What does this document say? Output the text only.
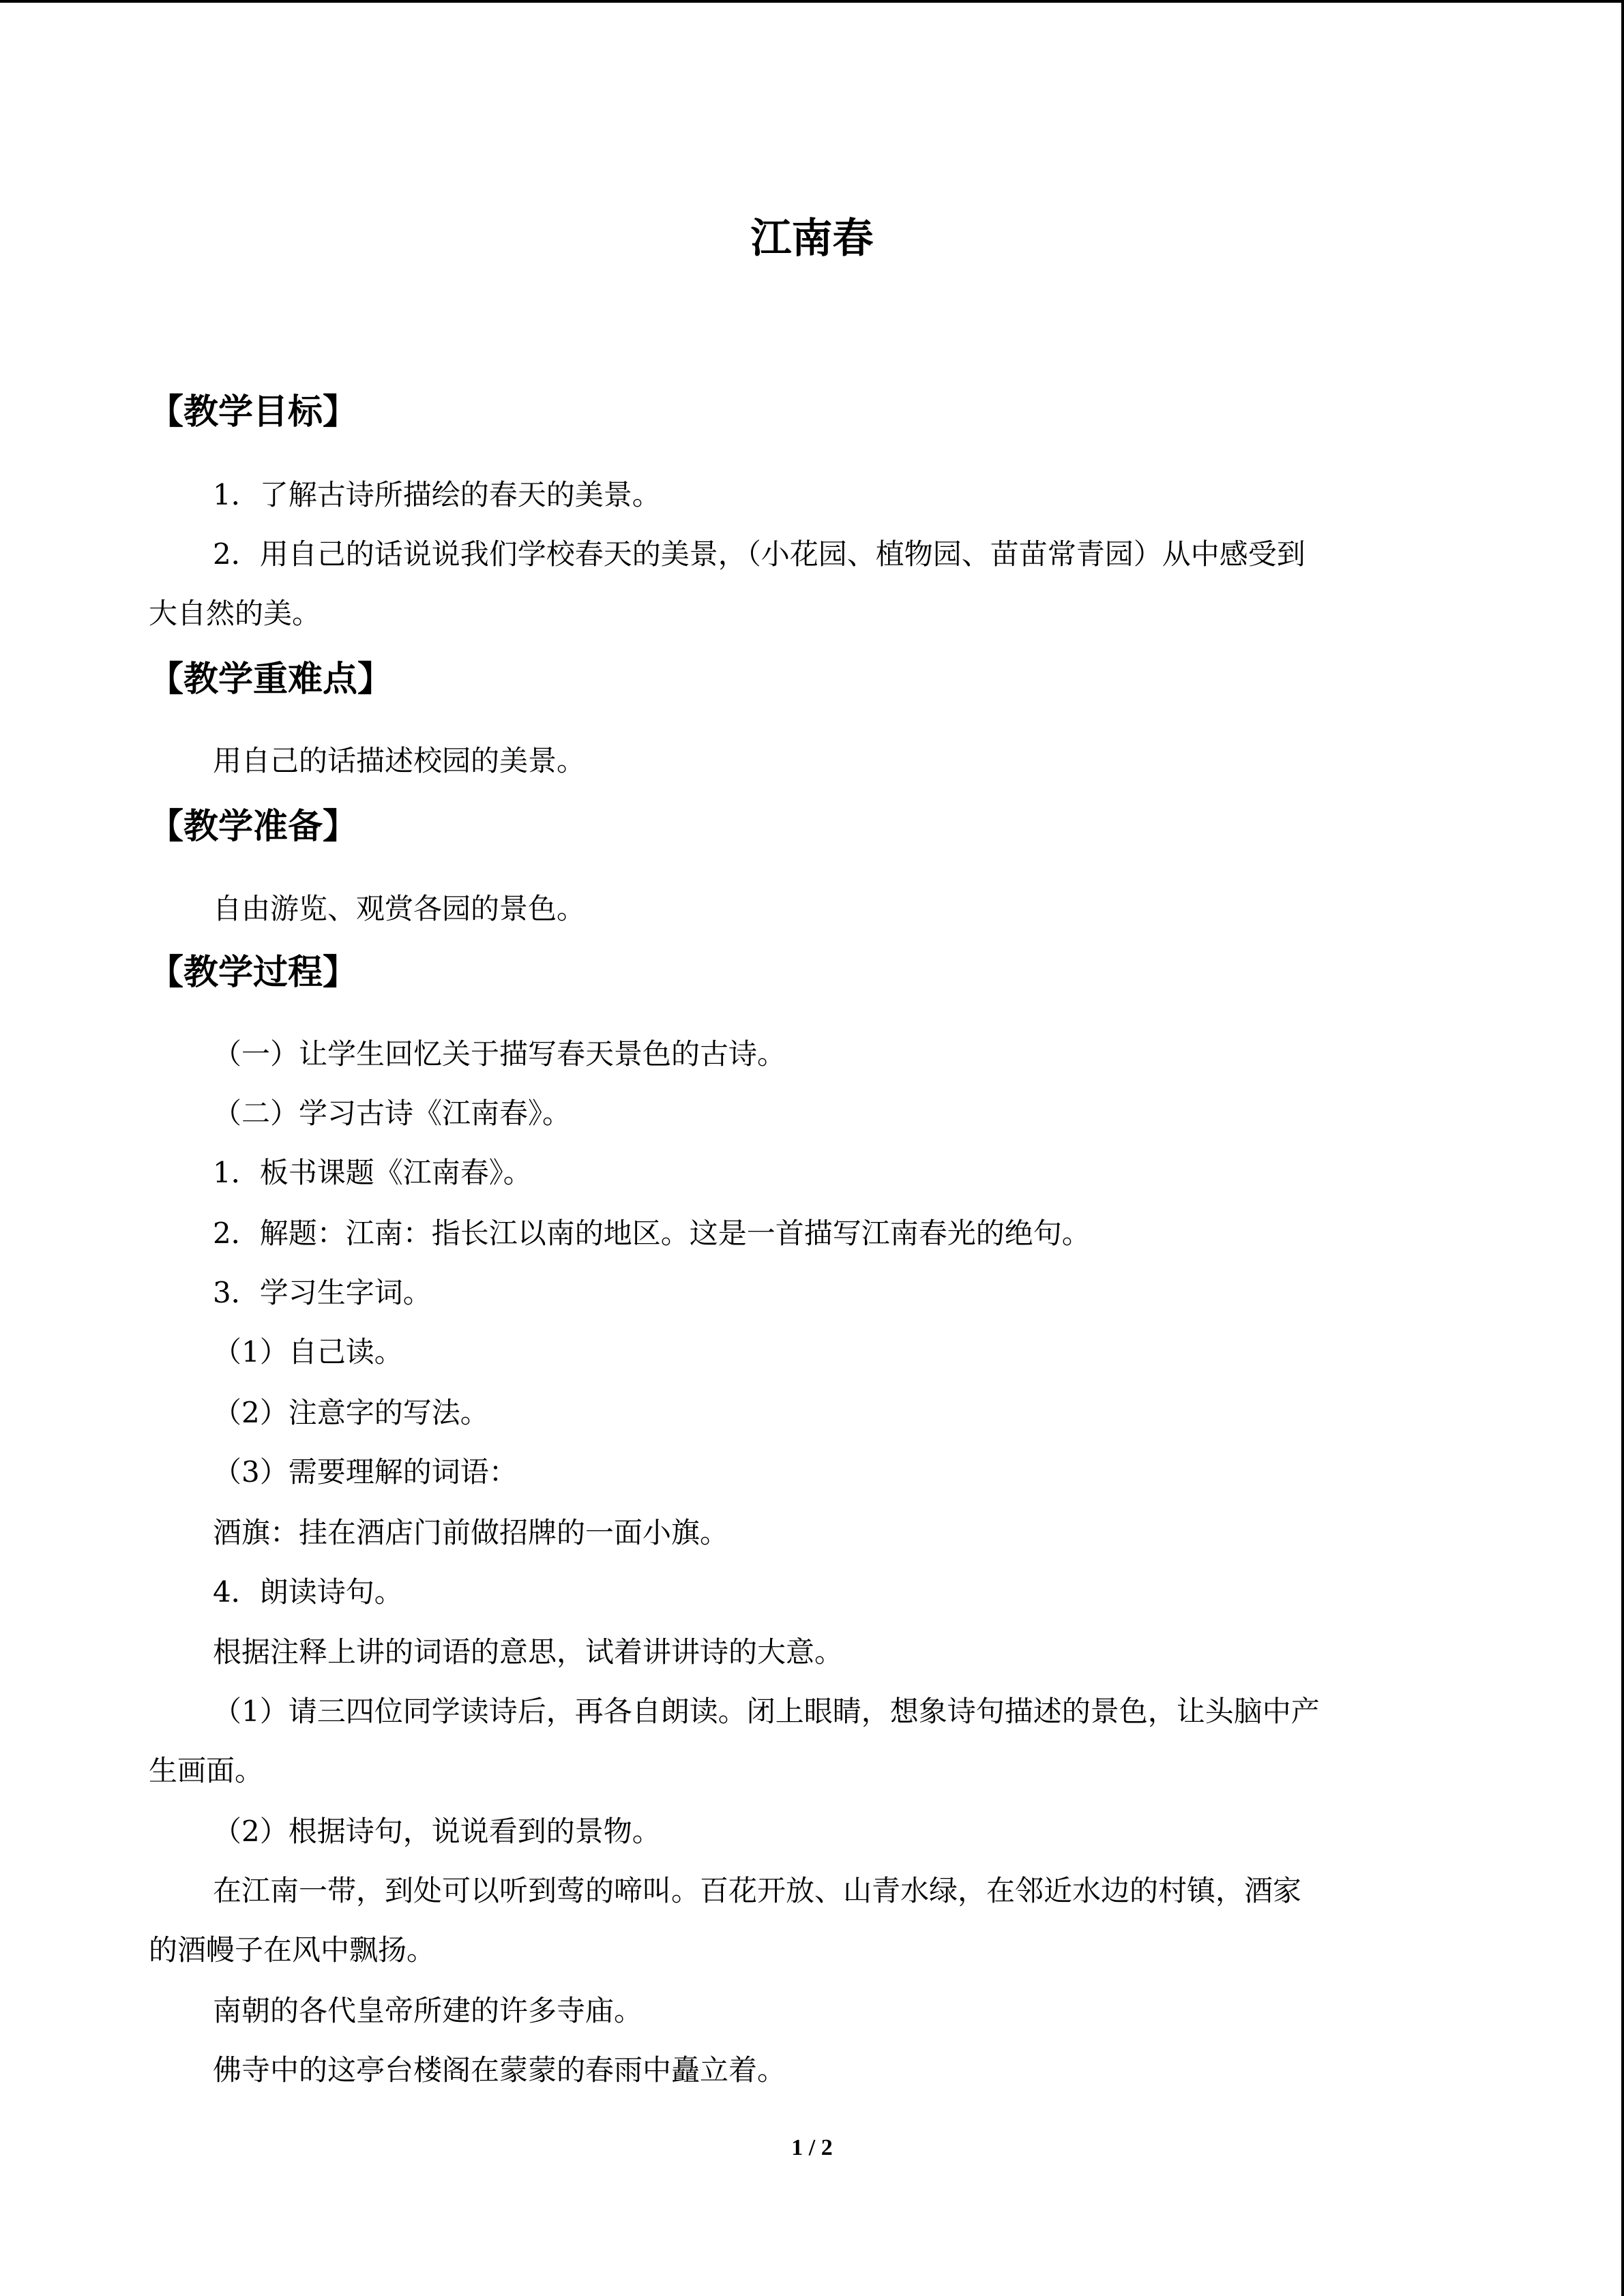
江南春
【教学目标】
1．了解古诗所描绘的春天的美景。
2．用自己的话说说我们学校春天的美景，（小花园、植物园、苗苗常青园）从中感受到
大自然的美。
【教学重难点】
用自己的话描述校园的美景。
【教学准备】
自由游览、观赏各园的景色。
【教学过程】
（一）让学生回忆关于描写春天景色的古诗。
（二）学习古诗《江南春》。
1．板书课题《江南春》。
2．解题：江南：指长江以南的地区。这是一首描写江南春光的绝句。
3．学习生字词。
（1）自己读。
（2）注意字的写法。
（3）需要理解的词语：
酒旗：挂在酒店门前做招牌的一面小旗。
4．朗读诗句。
根据注释上讲的词语的意思，试着讲讲诗的大意。
（1）请三四位同学读诗后，再各自朗读。闭上眼睛，想象诗句描述的景色，让头脑中产
生画面。
（2）根据诗句，说说看到的景物。
在江南一带，到处可以听到莺的啼叫。百花开放、山青水绿，在邻近水边的村镇，酒家
的酒幔子在风中飘扬。
南朝的各代皇帝所建的许多寺庙。
佛寺中的这亭台楼阁在蒙蒙的春雨中矗立着。
1 / 2
